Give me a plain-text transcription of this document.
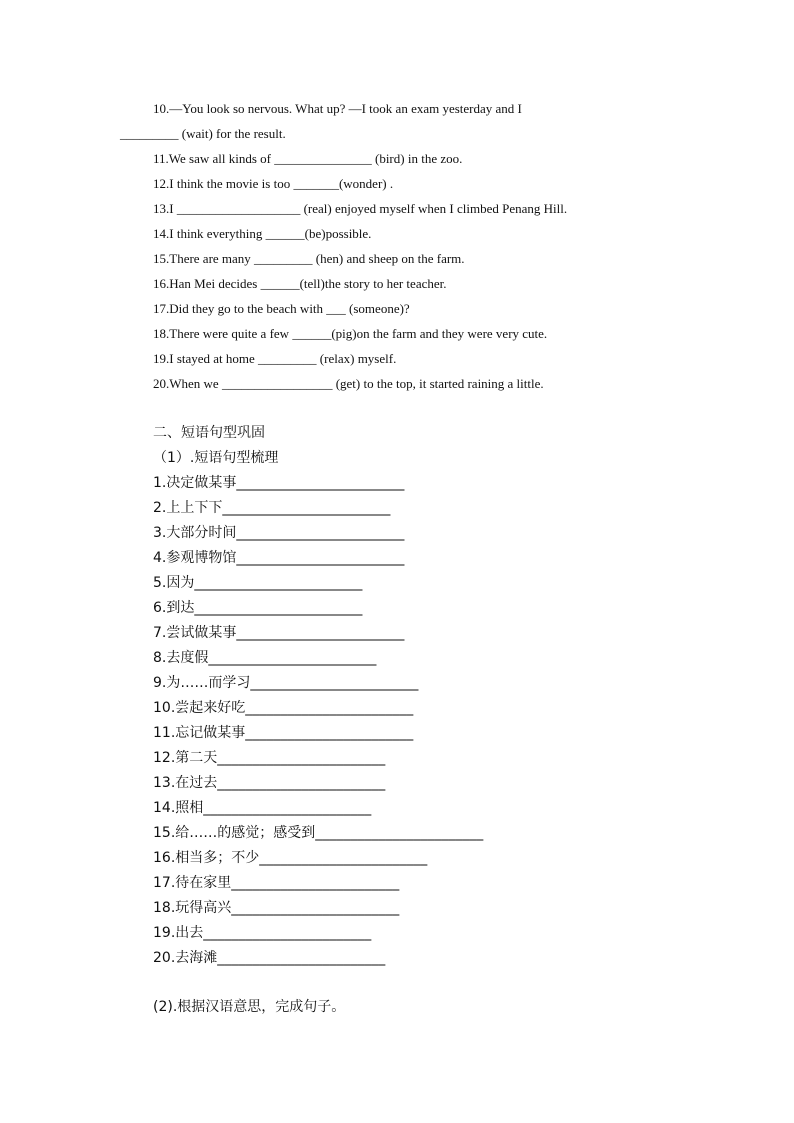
10.—You look so nervous. What up? —I took an exam yesterday and I
_________ (wait) for the result.
11.We saw all kinds of _______________ (bird) in the zoo.
12.I think the movie is too _______(wonder) .
13.I ___________________ (real) enjoyed myself when I climbed Penang Hill.
14.I think everything ______(be)possible.
15.There are many _________ (hen) and sheep on the farm.
16.Han Mei decides ______(tell)the story to her teacher.
17.Did they go to the beach with ___ (someone)?
18.There were quite a few ______(pig)on the farm and they were very cute.
19.I stayed at home _________ (relax) myself.
20.When we _________________ (get) to the top, it started raining a little.
二、短语句型巩固
（1）.短语句型梳理
1.决定做某事________________________
2.上上下下________________________
3.大部分时间________________________
4.参观博物馆________________________
5.因为________________________
6.到达________________________
7.尝试做某事________________________
8.去度假________________________
9.为……而学习________________________
10.尝起来好吃________________________
11.忘记做某事________________________
12.第二天________________________
13.在过去________________________
14.照相________________________
15.给……的感觉；感受到________________________
16.相当多；不少________________________
17.待在家里________________________
18.玩得高兴________________________
19.出去________________________
20.去海滩________________________
(2).根据汉语意思，完成句子。
